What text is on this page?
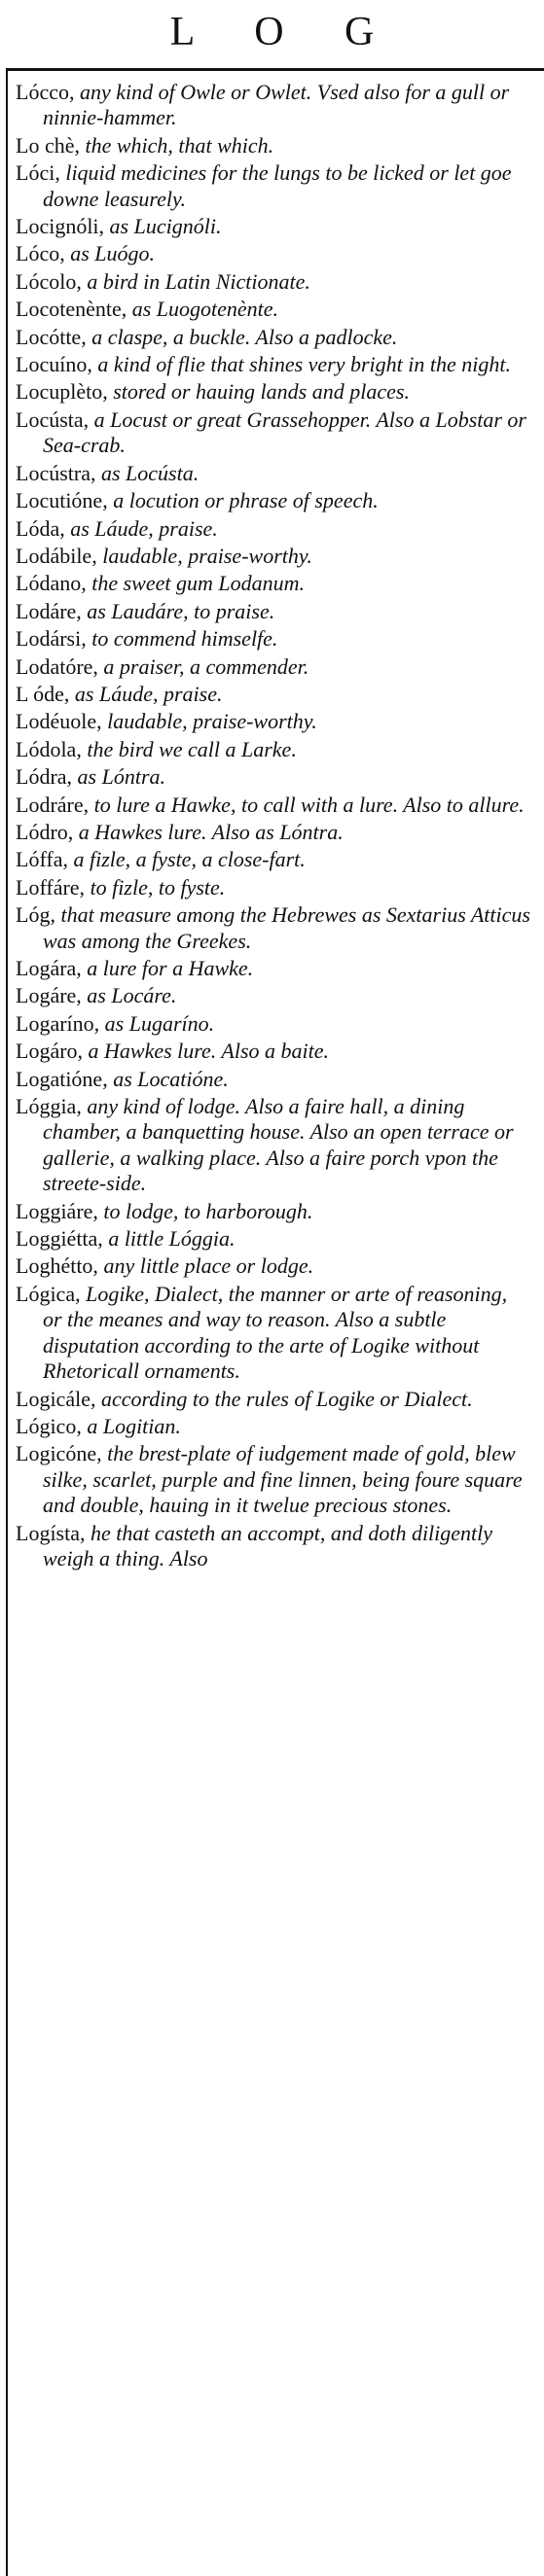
L O G
Lócco, any kind of Owle or Owlet. Vsed also for a gull or ninnie-hammer.
Lo chè, the which, that which.
Lóci, liquid medicines for the lungs to be licked or let goe downe leasurely.
Locignóli, as Lucignóli.
Lóco, as Luógo.
Lócolo, a bird in Latin Nictionate.
Locotenènte, as Luogotenènte.
Locótte, a claspe, a buckle. Also a padlocke.
Locuíno, a kind of flie that shines very bright in the night.
Locuplèto, stored or hauing lands and places.
Locústa, a Locust or great Grassehopper. Also a Lobstar or Sea-crab.
Locústra, as Locústa.
Locutióne, a locution or phrase of speech.
Lóda, as Láude, praise.
Lodábile, laudable, praise-worthy.
Lódano, the sweet gum Lodanum.
Lodáre, as Laudáre, to praise.
Lodársi, to commend himselfe.
Lodatóre, a praiser, a commender.
L óde, as Láude, praise.
Lodéuole, laudable, praise-worthy.
Lódola, the bird we call a Larke.
Lódra, as Lóntra.
Lodráre, to lure a Hawke, to call with a lure. Also to allure.
Lódro, a Hawkes lure. Also as Lóntra.
Lóffa, a fizle, a fyste, a close-fart.
Loffáre, to fizle, to fyste.
Lóg, that measure among the Hebrewes as Sextarius Atticus was among the Greekes.
Logára, a lure for a Hawke.
Logáre, as Locáre.
Logaríno, as Lugaríno.
Logáro, a Hawkes lure. Also a baite.
Logatióne, as Locatióne.
Lóggia, any kind of lodge. Also a faire hall, a dining chamber, a banquetting house. Also an open terrace or gallerie, a walking place. Also a faire porch vpon the streete-side.
Loggiáre, to lodge, to harborough.
Loggiétta, a little Lóggia.
Loghétto, any little place or lodge.
Lógica, Logike, Dialect, the manner or arte of reasoning, or the meanes and way to reason. Also a subtle disputation according to the arte of Logike without Rhetoricall ornaments.
Logicále, according to the rules of Logike or Dialect.
Lógico, a Logitian.
Logicóne, the brest-plate of iudgement made of gold, blew silke, scarlet, purple and fine linnen, being foure square and double, hauing in it twelue precious stones.
Logísta, he that casteth an accompt, and doth diligently weigh a thing. Also
